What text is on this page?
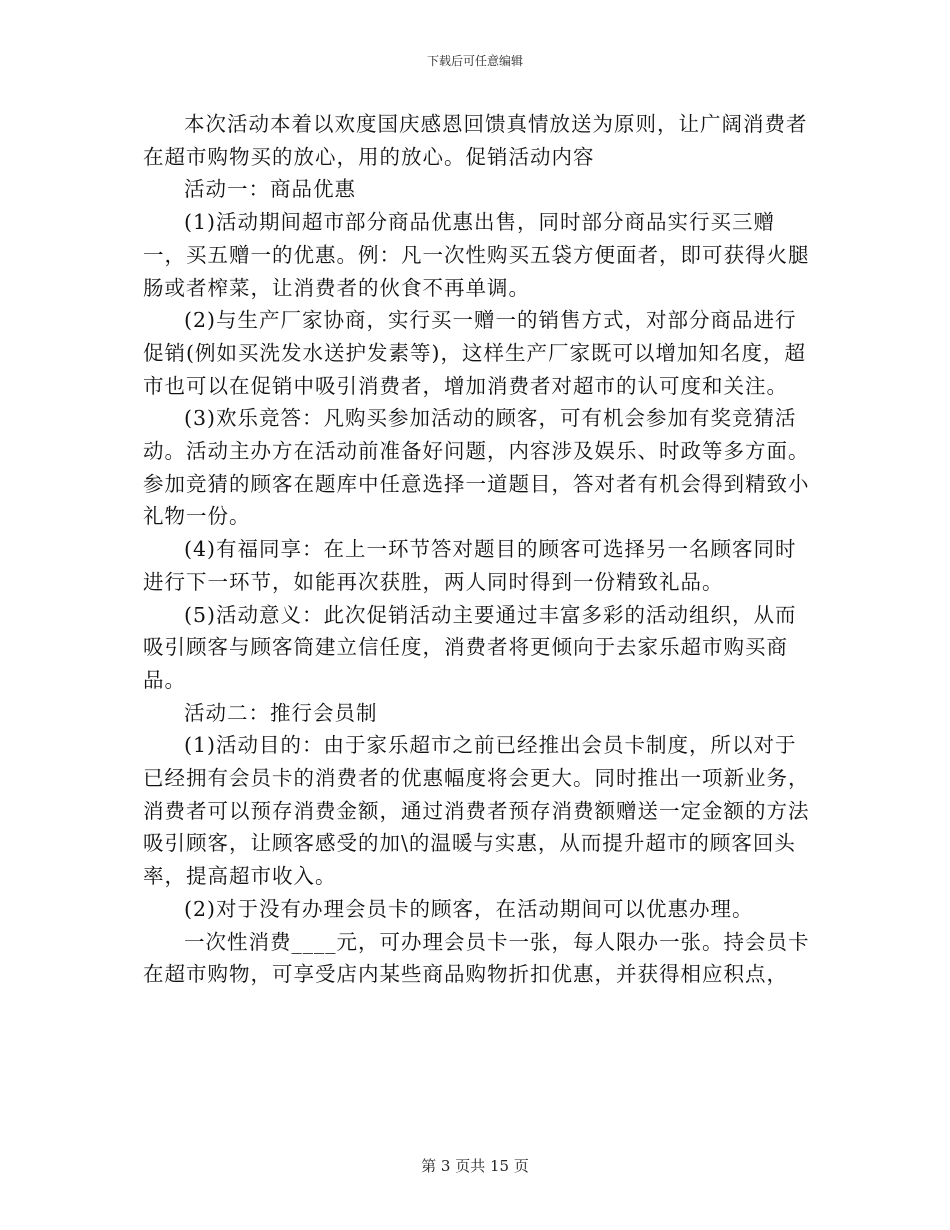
下载后可任意编辑

本次活动本着以欢度国庆感恩回馈真情放送为原则，让广阔消费者在超市购物买的放心，用的放心。促销活动内容

活动一：商品优惠

(1)活动期间超市部分商品优惠出售，同时部分商品实行买三赠一，买五赠一的优惠。例：凡一次性购买五袋方便面者，即可获得火腿肠或者榨菜，让消费者的伙食不再单调。

(2)与生产厂家协商，实行买一赠一的销售方式，对部分商品进行促销(例如买洗发水送护发素等)，这样生产厂家既可以增加知名度，超市也可以在促销中吸引消费者，增加消费者对超市的认可度和关注。

(3)欢乐竞答：凡购买参加活动的顾客，可有机会参加有奖竞猜活动。活动主办方在活动前准备好问题，内容涉及娱乐、时政等多方面。参加竞猜的顾客在题库中任意选择一道题目，答对者有机会得到精致小礼物一份。

(4)有福同享：在上一环节答对题目的顾客可选择另一名顾客同时进行下一环节，如能再次获胜，两人同时得到一份精致礼品。

(5)活动意义：此次促销活动主要通过丰富多彩的活动组织，从而吸引顾客与顾客筒建立信任度，消费者将更倾向于去家乐超市购买商品。

活动二：推行会员制

(1)活动目的：由于家乐超市之前已经推出会员卡制度，所以对于已经拥有会员卡的消费者的优惠幅度将会更大。同时推出一项新业务，消费者可以预存消费金额，通过消费者预存消费额赠送一定金额的方法吸引顾客，让顾客感受的加\的温暖与实惠，从而提升超市的顾客回头率，提高超市收入。

(2)对于没有办理会员卡的顾客，在活动期间可以优惠办理。

一次性消费____元，可办理会员卡一张，每人限办一张。持会员卡在超市购物，可享受店内某些商品购物折扣优惠，并获得相应积点，

第 3 页共 15 页
